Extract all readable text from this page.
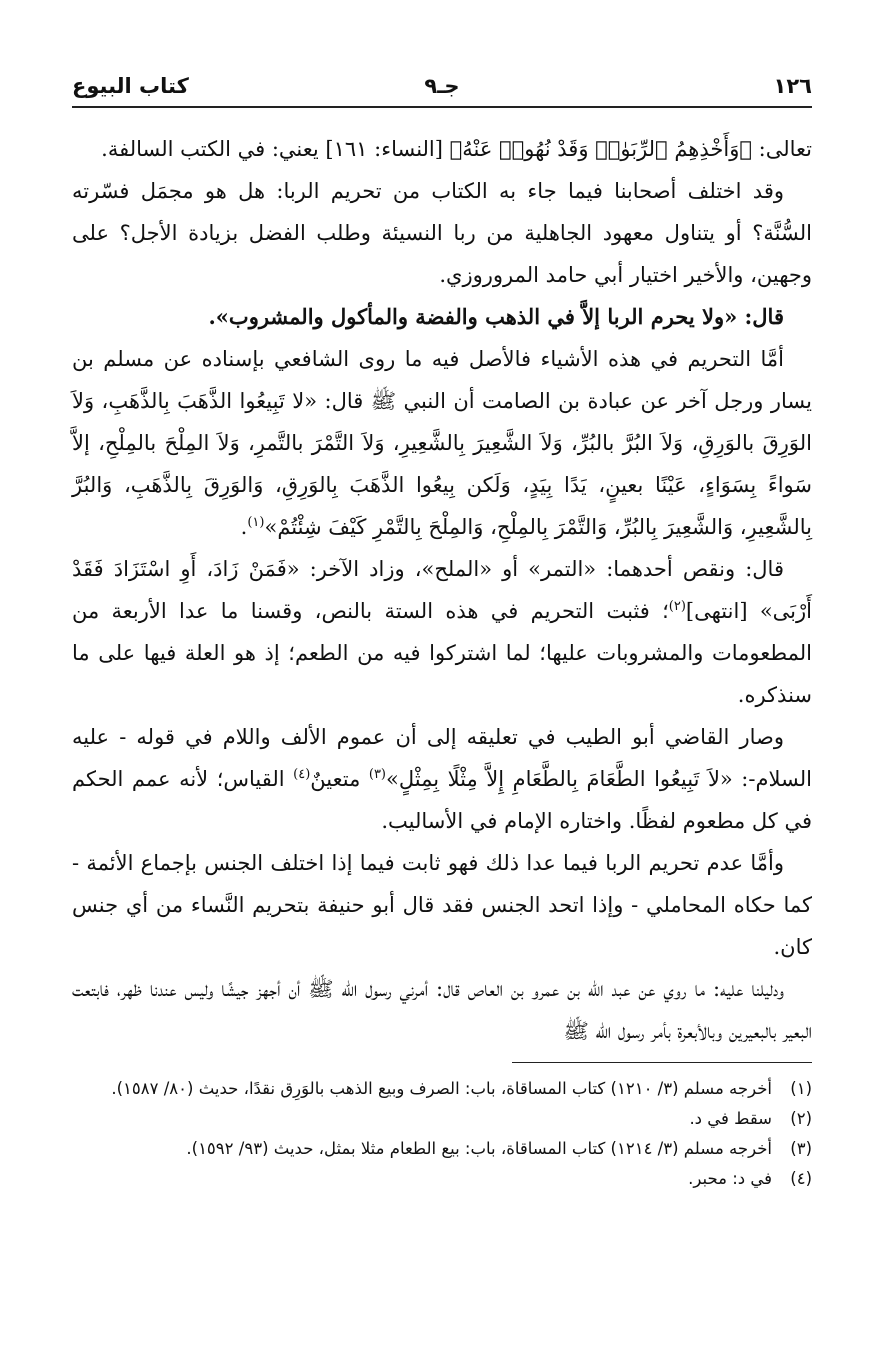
١٢٦
جـ٩
كتاب البيوع

تعالى: ﴿وَأَخْذِهِمُ ٱلرِّبَوٰا۟ وَقَدْ نُهُوا۟ عَنْهُ﴾ [النساء: ١٦١] يعني: في الكتب السالفة.

وقد اختلف أصحابنا فيما جاء به الكتاب من تحريم الربا: هل هو مجمَل فسّرته السُّنَّة؟ أو يتناول معهود الجاهلية من ربا النسيئة وطلب الفضل بزيادة الأجل؟ على وجهين، والأخير اختيار أبي حامد المروروزي.

قال: «ولا يحرم الربا إلاَّ في الذهب والفضة والمأكول والمشروب».

أمَّا التحريم في هذه الأشياء فالأصل فيه ما روى الشافعي بإسناده عن مسلم بن يسار ورجل آخر عن عبادة بن الصامت أن النبي ﷺ قال: «لا تَبِيعُوا الذَّهَبَ بِالذَّهَبِ، وَلاَ الوَرِقَ بالوَرِقِ، وَلاَ البُرَّ بالبُرِّ، وَلاَ الشَّعِيرَ بِالشَّعِيرِ، وَلاَ التَّمْرَ بالتَّمرِ، وَلاَ المِلْحَ بالمِلْحِ، إلاَّ سَواءً بِسَوَاءٍ، عَيْنًا بعينٍ، يَدًا بِيَدٍ، وَلَكن بِيعُوا الذَّهَبَ بِالوَرِقِ، وَالوَرِقَ بِالذَّهَبِ، وَالبُرَّ بِالشَّعِيرِ، وَالشَّعِيرَ بِالبُرِّ، وَالتَّمْرَ بِالمِلْحِ، وَالمِلْحَ بِالتَّمْرِ كَيْفَ شِئْتُمْ»$^{(١)}$.

قال: ونقص أحدهما: «التمر» أو «الملح»، وزاد الآخر: «فَمَنْ زَادَ، أَوِ اسْتَزَادَ فَقَدْ أَرْبَى» [انتهى]$^{(٢)}$؛ فثبت التحريم في هذه الستة بالنص، وقسنا ما عدا الأربعة من المطعومات والمشروبات عليها؛ لما اشتركوا فيه من الطعم؛ إذ هو العلة فيها على ما سنذكره.

وصار القاضي أبو الطيب في تعليقه إلى أن عموم الألف واللام في قوله - عليه السلام-: «لاَ تَبِيعُوا الطَّعَامَ بِالطَّعَامِ إِلاَّ مِثْلًا بِمِثْلٍ»$^{(٣)}$ متعينٌ$^{(٤)}$ القياس؛ لأنه عمم الحكم في كل مطعوم لفظًا. واختاره الإمام في الأساليب.

وأمَّا عدم تحريم الربا فيما عدا ذلك فهو ثابت فيما إذا اختلف الجنس بإجماع الأئمة - كما حكاه المحاملي - وإذا اتحد الجنس فقد قال أبو حنيفة بتحريم النَّساء من أي جنس كان.

ودليلنا عليه: ما روي عن عبد الله بن عمرو بن العاص قال: أمرني رسول الله ﷺ أن أجهز جيشًا وليس عندنا ظهر، فابتعت البعير بالبعيرين وبالأبعرة بأمر رسول الله ﷺ

(١)
أخرجه مسلم (٣/ ١٢١٠) كتاب المساقاة، باب: الصرف وبيع الذهب بالوَرِق نقدًا، حديث (٨٠/ ١٥٨٧).
(٢)
سقط في د.
(٣)
أخرجه مسلم (٣/ ١٢١٤) كتاب المساقاة، باب: بيع الطعام مثلا بمثل، حديث (٩٣/ ١٥٩٢).
(٤)
في د: محبر.
